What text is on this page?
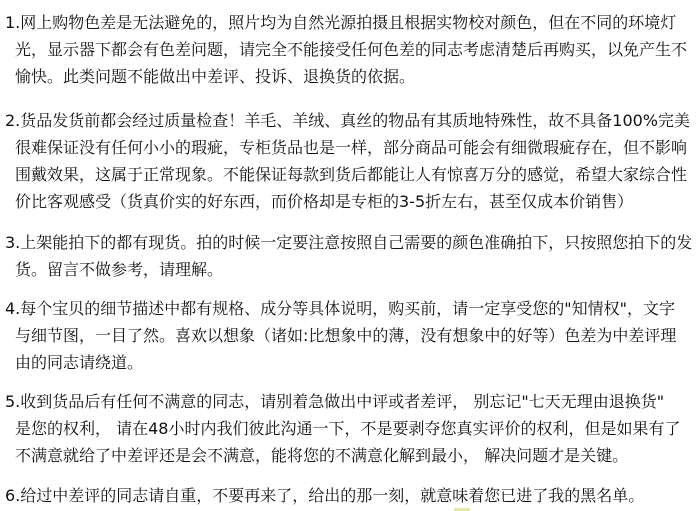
1.网上购物色差是无法避免的，照片均为自然光源拍摄且根据实物校对颜色，但在不同的环境灯
光，显示器下都会有色差问题，请完全不能接受任何色差的同志考虑清楚后再购买，以免产生不
愉快。此类问题不能做出中差评、投诉、退换货的依据。
2.货品发货前都会经过质量检查！羊毛、羊绒、真丝的物品有其质地特殊性，故不具备100%完美
很难保证没有任何小小的瑕疵，专柜货品也是一样，部分商品可能会有细微瑕疵存在，但不影响
围戴效果，这属于正常现象。不能保证每款到货后都能让人有惊喜万分的感觉，希望大家综合性
价比客观感受（货真价实的好东西，而价格却是专柜的3-5折左右，甚至仅成本价销售）
3.上架能拍下的都有现货。拍的时候一定要注意按照自己需要的颜色准确拍下，只按照您拍下的发
货。留言不做参考，请理解。
4.每个宝贝的细节描述中都有规格、成分等具体说明，购买前，请一定享受您的"知情权"，文字
与细节图，一目了然。喜欢以想象（诸如:比想象中的薄，没有想象中的好等）色差为中差评理
由的同志请绕道。
5.收到货品后有任何不满意的同志，请别着急做出中评或者差评， 别忘记"七天无理由退换货"
是您的权利， 请在48小时内我们彼此沟通一下，不是要剥夺您真实评价的权利，但是如果有了
不满意就给了中差评还是会不满意，能将您的不满意化解到最小， 解决问题才是关键。
6.给过中差评的同志请自重，不要再来了，给出的那一刻，就意味着您已进了我的黑名单。
